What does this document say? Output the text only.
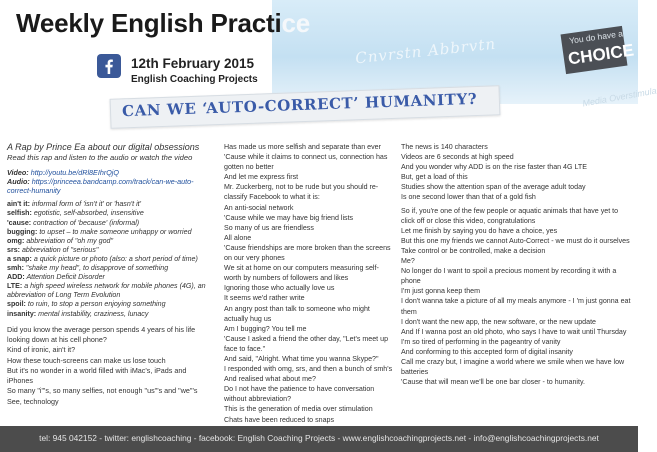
Cnvrstn Abbrvtn	You do have a
CHOICE
Media Overstimula
Weekly English Practice
12th February 2015
English Coaching Projects
CAN WE ‘AUTO-CORRECT’ HUMANITY?

A Rap by Prince Ea about our digital obsessions

Read this rap and listen to the audio or watch the video

Video: http://youtu.be/dRl8EIhrQjQ

Audio: https://princeea.bandcamp.com/track/can-we-auto-correct-humanity

ain't it: informal form of 'isn't it' or 'hasn't it'

selfish: egotistic, self-absorbed, insensitive

'cause: contraction of 'because' (informal)

bugging: to upset – to make someone unhappy or worried

omg: abbreviation of "oh my god"

srs: abbreviation of "serious"

a snap: a quick picture or photo (also: a short period of time)

smh: "shake my head", to disapprove of something

ADD: Attention Deficit Disorder

LTE: a high speed wireless network for mobile phones (4G), an abbreviation of Long Term Evolution

spoil: to ruin, to stop a person enjoying something

insanity: mental instability, craziness, lunacy

Did you know the average person spends 4 years of his life looking down at his cell phone?

Kind of ironic, ain't it?

How these touch-screens can make us lose touch

But it's no wonder in a world filled with iMac's, iPads and iPhones

So many "i"'s, so many selfies, not enough "us"'s and "we"'s

See, technology

Has made us more selfish and separate than ever

'Cause while it claims to connect us, connection has gotten no better

And let me express first

Mr. Zuckerberg, not to be rude but you should re-classify Facebook to what it is:

An anti-social network

'Cause while we may have big friend lists

So many of us are friendless

All alone

'Cause friendships are more broken than the screens on our very phones

We sit at home on our computers measuring self-worth by numbers of followers and likes

Ignoring those who actually love us

It seems we'd rather write

An angry post than talk to someone who might actually hug us

Am I bugging? You tell me

'Cause I asked a friend the other day, "Let's meet up face to face."

And said, "Alright. What time you wanna Skype?"

I responded with omg, srs, and then a bunch of smh's

And realised what about me?

Do I not have the patience to have conversation without abbreviation?

This is the generation of media over stimulation

Chats have been reduced to snaps

The news is 140 characters

Videos are 6 seconds at high speed

And you wonder why ADD is on the rise faster than 4G LTE

But, get a load of this

Studies show the attention span of the average adult today

Is one second lower than that of a gold fish

So if, you're one of the few people or aquatic animals that have yet to click off or close this video, congratulations

Let me finish by saying you do have a choice, yes

But this one my friends we cannot Auto-Correct - we must do it ourselves

Take control or be controlled, make a decision

Me?

No longer do I want to spoil a precious moment by recording it with a phone

I'm just gonna keep them

I don't wanna take a picture of all my meals anymore - I 'm just gonna eat them

I don't want the new app, the new software, or the new update

And If I wanna post an old photo, who says I have to wait until Thursday

I'm so tired of performing in the pageantry of vanity

And conforming to this accepted form of digital insanity

Call me crazy but, I imagine a world where we smile when we have low batteries

'Cause that will mean we'll be one bar closer - to humanity.

tel: 945 042152 - twitter: englishcoaching - facebook: English Coaching Projects - www.englishcoachingprojects.net - info@englishcoachingprojects.net
